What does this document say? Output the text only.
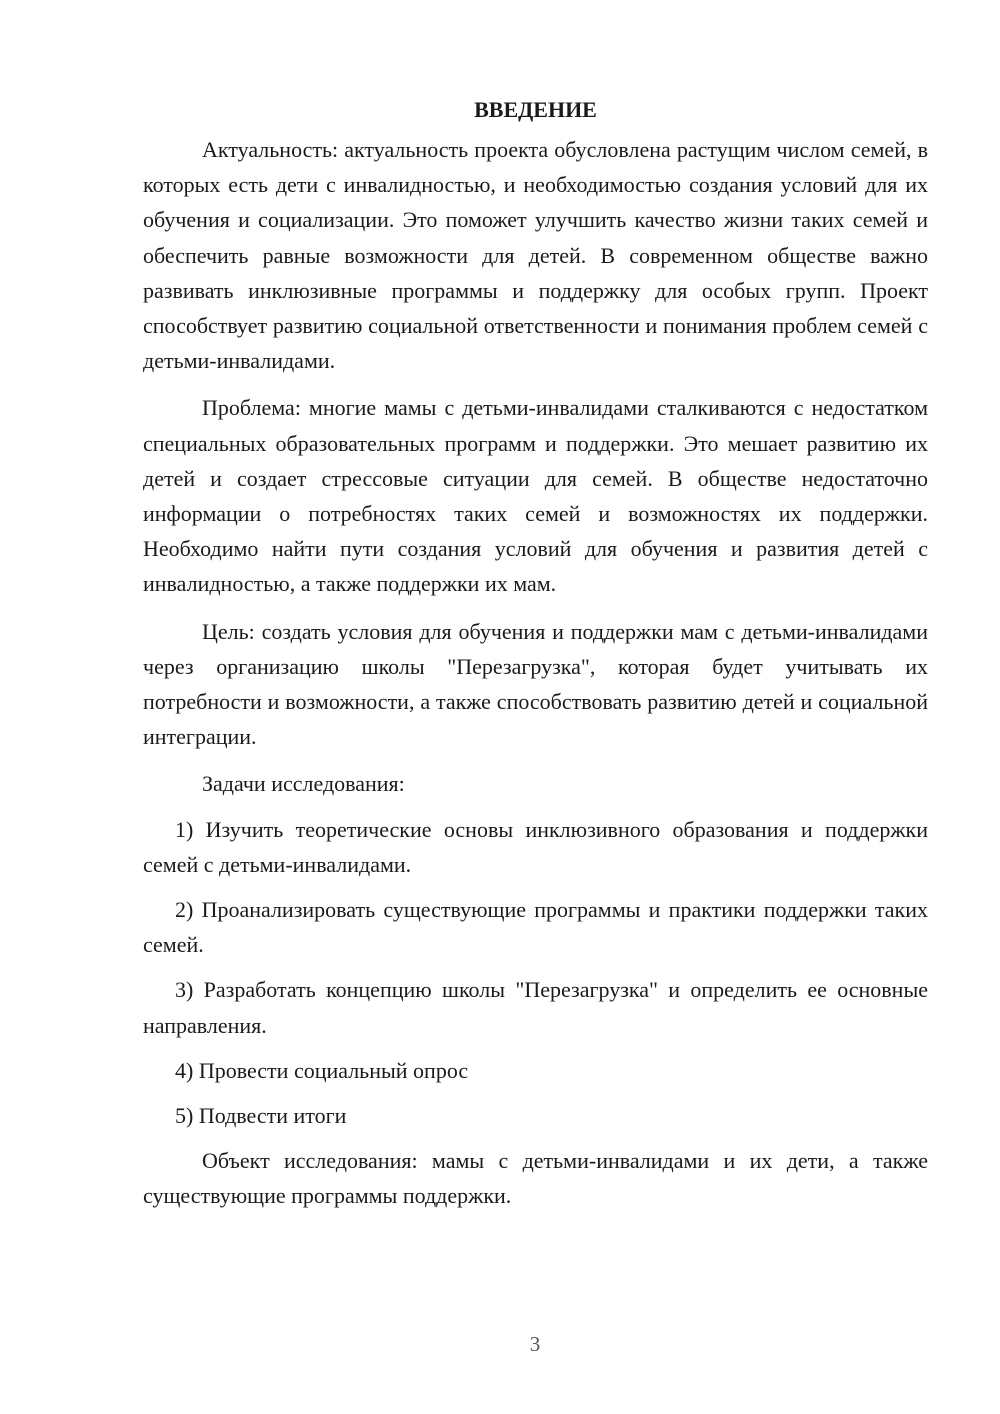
ВВЕДЕНИЕ

Актуальность: актуальность проекта обусловлена растущим числом семей, в которых есть дети с инвалидностью, и необходимостью создания условий для их обучения и социализации. Это поможет улучшить качество жизни таких семей и обеспечить равные возможности для детей. В современном обществе важно развивать инклюзивные программы и поддержку для особых групп. Проект способствует развитию социальной ответственности и понимания проблем семей с детьми-инвалидами.

Проблема: многие мамы с детьми-инвалидами сталкиваются с недостатком специальных образовательных программ и поддержки. Это мешает развитию их детей и создает стрессовые ситуации для семей. В обществе недостаточно информации о потребностях таких семей и возможностях их поддержки. Необходимо найти пути создания условий для обучения и развития детей с инвалидностью, а также поддержки их мам.

Цель: создать условия для обучения и поддержки мам с детьми-инвалидами через организацию школы "Перезагрузка", которая будет учитывать их потребности и возможности, а также способствовать развитию детей и социальной интеграции.

Задачи исследования:

1) Изучить теоретические основы инклюзивного образования и поддержки семей с детьми-инвалидами.

2) Проанализировать существующие программы и практики поддержки таких семей.

3) Разработать концепцию школы "Перезагрузка" и определить ее основные направления.

4) Провести социальный опрос

5) Подвести итоги

Объект исследования: мамы с детьми-инвалидами и их дети, а также существующие программы поддержки.

3
